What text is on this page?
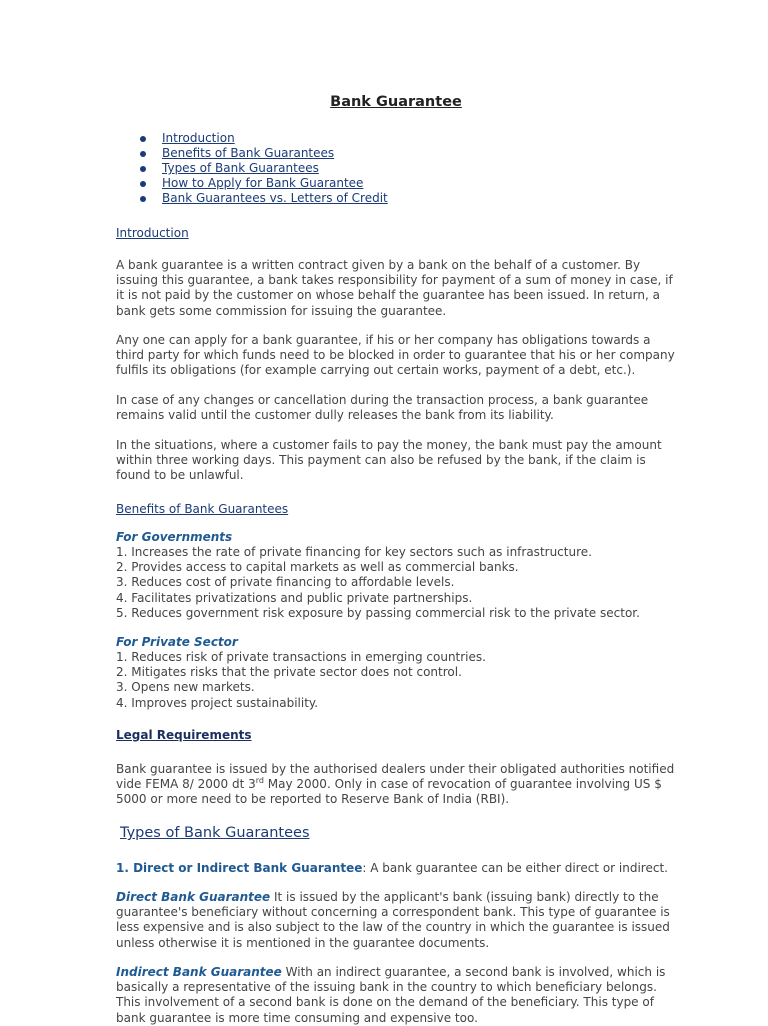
Bank Guarantee
Introduction
Benefits of Bank Guarantees
Types of Bank Guarantees
How to Apply for Bank Guarantee
Bank Guarantees vs. Letters of Credit
Introduction

A bank guarantee is a written contract given by a bank on the behalf of a customer. By issuing this guarantee, a bank takes responsibility for payment of a sum of money in case, if it is not paid by the customer on whose behalf the guarantee has been issued. In return, a bank gets some commission for issuing the guarantee.

Any one can apply for a bank guarantee, if his or her company has obligations towards a third party for which funds need to be blocked in order to guarantee that his or her company fulfils its obligations (for example carrying out certain works, payment of a debt, etc.).

In case of any changes or cancellation during the transaction process, a bank guarantee remains valid until the customer dully releases the bank from its liability.

In the situations, where a customer fails to pay the money, the bank must pay the amount within three working days. This payment can also be refused by the bank, if the claim is found to be unlawful.

Benefits of Bank Guarantees
For Governments
1. Increases the rate of private financing for key sectors such as infrastructure.
2. Provides access to capital markets as well as commercial banks.
3. Reduces cost of private financing to affordable levels.
4. Facilitates privatizations and public private partnerships.
5. Reduces government risk exposure by passing commercial risk to the private sector.
For Private Sector
1. Reduces risk of private transactions in emerging countries.
2. Mitigates risks that the private sector does not control.
3. Opens new markets.
4. Improves project sustainability.
Legal Requirements

Bank guarantee is issued by the authorised dealers under their obligated authorities notified vide FEMA 8/ 2000 dt 3rd May 2000. Only in case of revocation of guarantee involving US $ 5000 or more need to be reported to Reserve Bank of India (RBI).

Types of Bank Guarantees

1. Direct or Indirect Bank Guarantee: A bank guarantee can be either direct or indirect.

Direct Bank Guarantee It is issued by the applicant's bank (issuing bank) directly to the guarantee's beneficiary without concerning a correspondent bank. This type of guarantee is less expensive and is also subject to the law of the country in which the guarantee is issued unless otherwise it is mentioned in the guarantee documents.

Indirect Bank Guarantee With an indirect guarantee, a second bank is involved, which is basically a representative of the issuing bank in the country to which beneficiary belongs. This involvement of a second bank is done on the demand of the beneficiary. This type of bank guarantee is more time consuming and expensive too.
